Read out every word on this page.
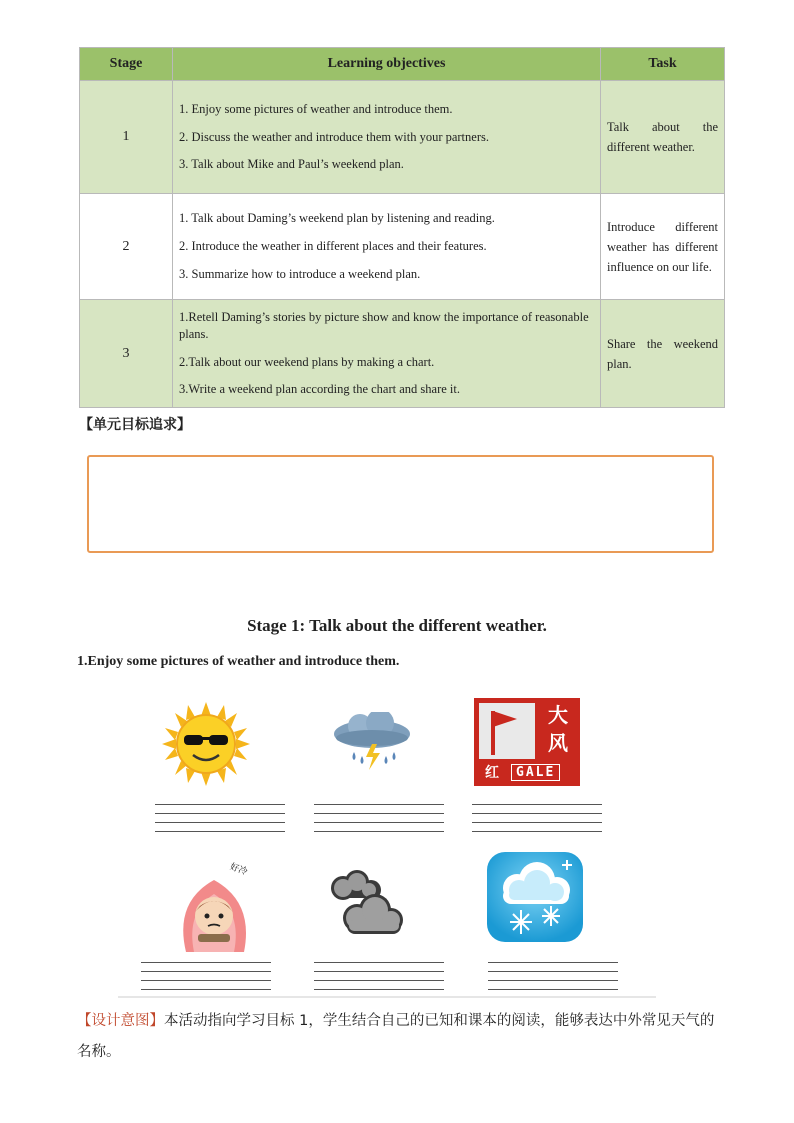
Stage	Learning objectives	Task
1	1. Enjoy some pictures of weather and introduce them.

2. Discuss the weather and introduce them with your partners.

3. Talk about Mike and Paul’s weekend plan.	Talk about the different weather.
2	1. Talk about Daming’s weekend plan by listening and reading.

2. Introduce the weather in different places and their features.

3. Summarize how to introduce a weekend plan.	Introduce different weather has different influence on our life.
3	1.Retell Daming’s stories by picture show and know the importance of reasonable plans.

2.Talk about our weekend plans by making a chart.

3.Write a weekend plan according the chart and share it.	Share the weekend plan.
【单元目标追求】
Stage 1: Talk about the different weather.
1.Enjoy some pictures of weather and introduce them.
大
风
红	GALE
好冷
【设计意图】本活动指向学习目标 1，学生结合自己的已知和课本的阅读，能够表达中外常见天气的名称。
